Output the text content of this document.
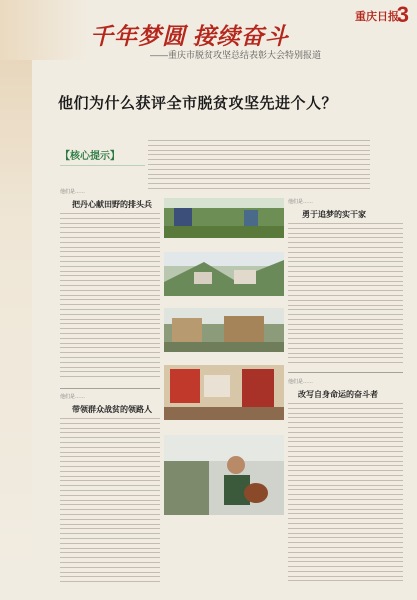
千年梦圆 接续奋斗
——重庆市脱贫攻坚总结表彰大会特别报道
重庆日报
3
他们为什么获评全市脱贫攻坚先进个人？
【核心提示】
他们是……
把丹心献田野的排头兵
他们是……
带领群众战贫的领路人
他们是……
勇于追梦的实干家
他们是……
改写自身命运的奋斗者
